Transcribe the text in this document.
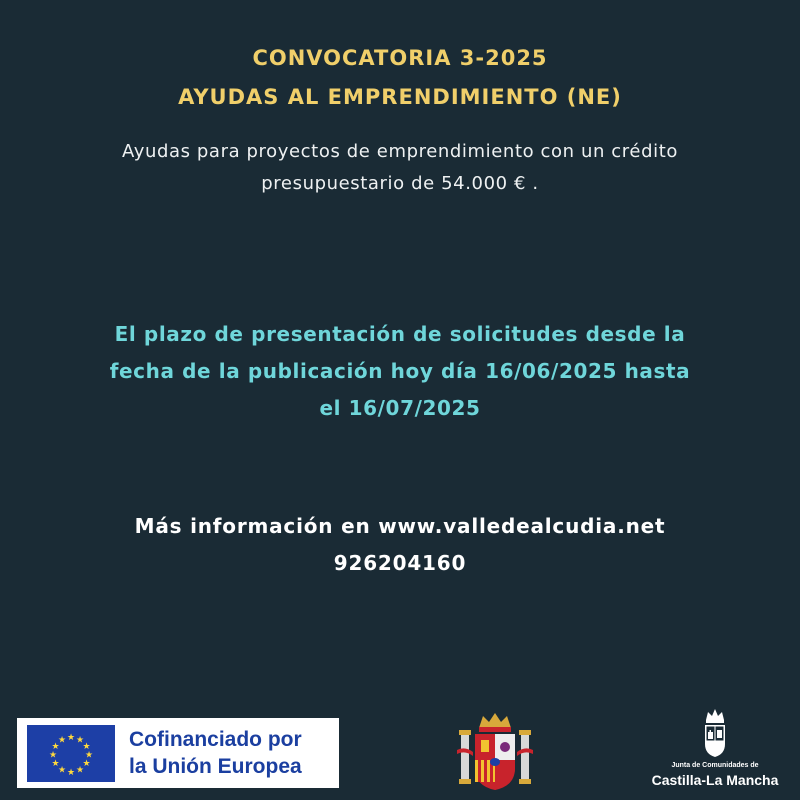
CONVOCATORIA 3-2025
AYUDAS AL EMPRENDIMIENTO (NE)
Ayudas para proyectos de emprendimiento con un crédito
presupuestario de 54.000 € .
El plazo de presentación de solicitudes desde la
fecha de la publicación hoy día 16/06/2025 hasta
el 16/07/2025
Más información en www.valledealcudia.net
926204160
★ ★
★
★
★
★
★
★
★
★
★
★	Cofinanciado por
la Unión Europea	Junta de Comunidades de
Castilla-La Mancha
